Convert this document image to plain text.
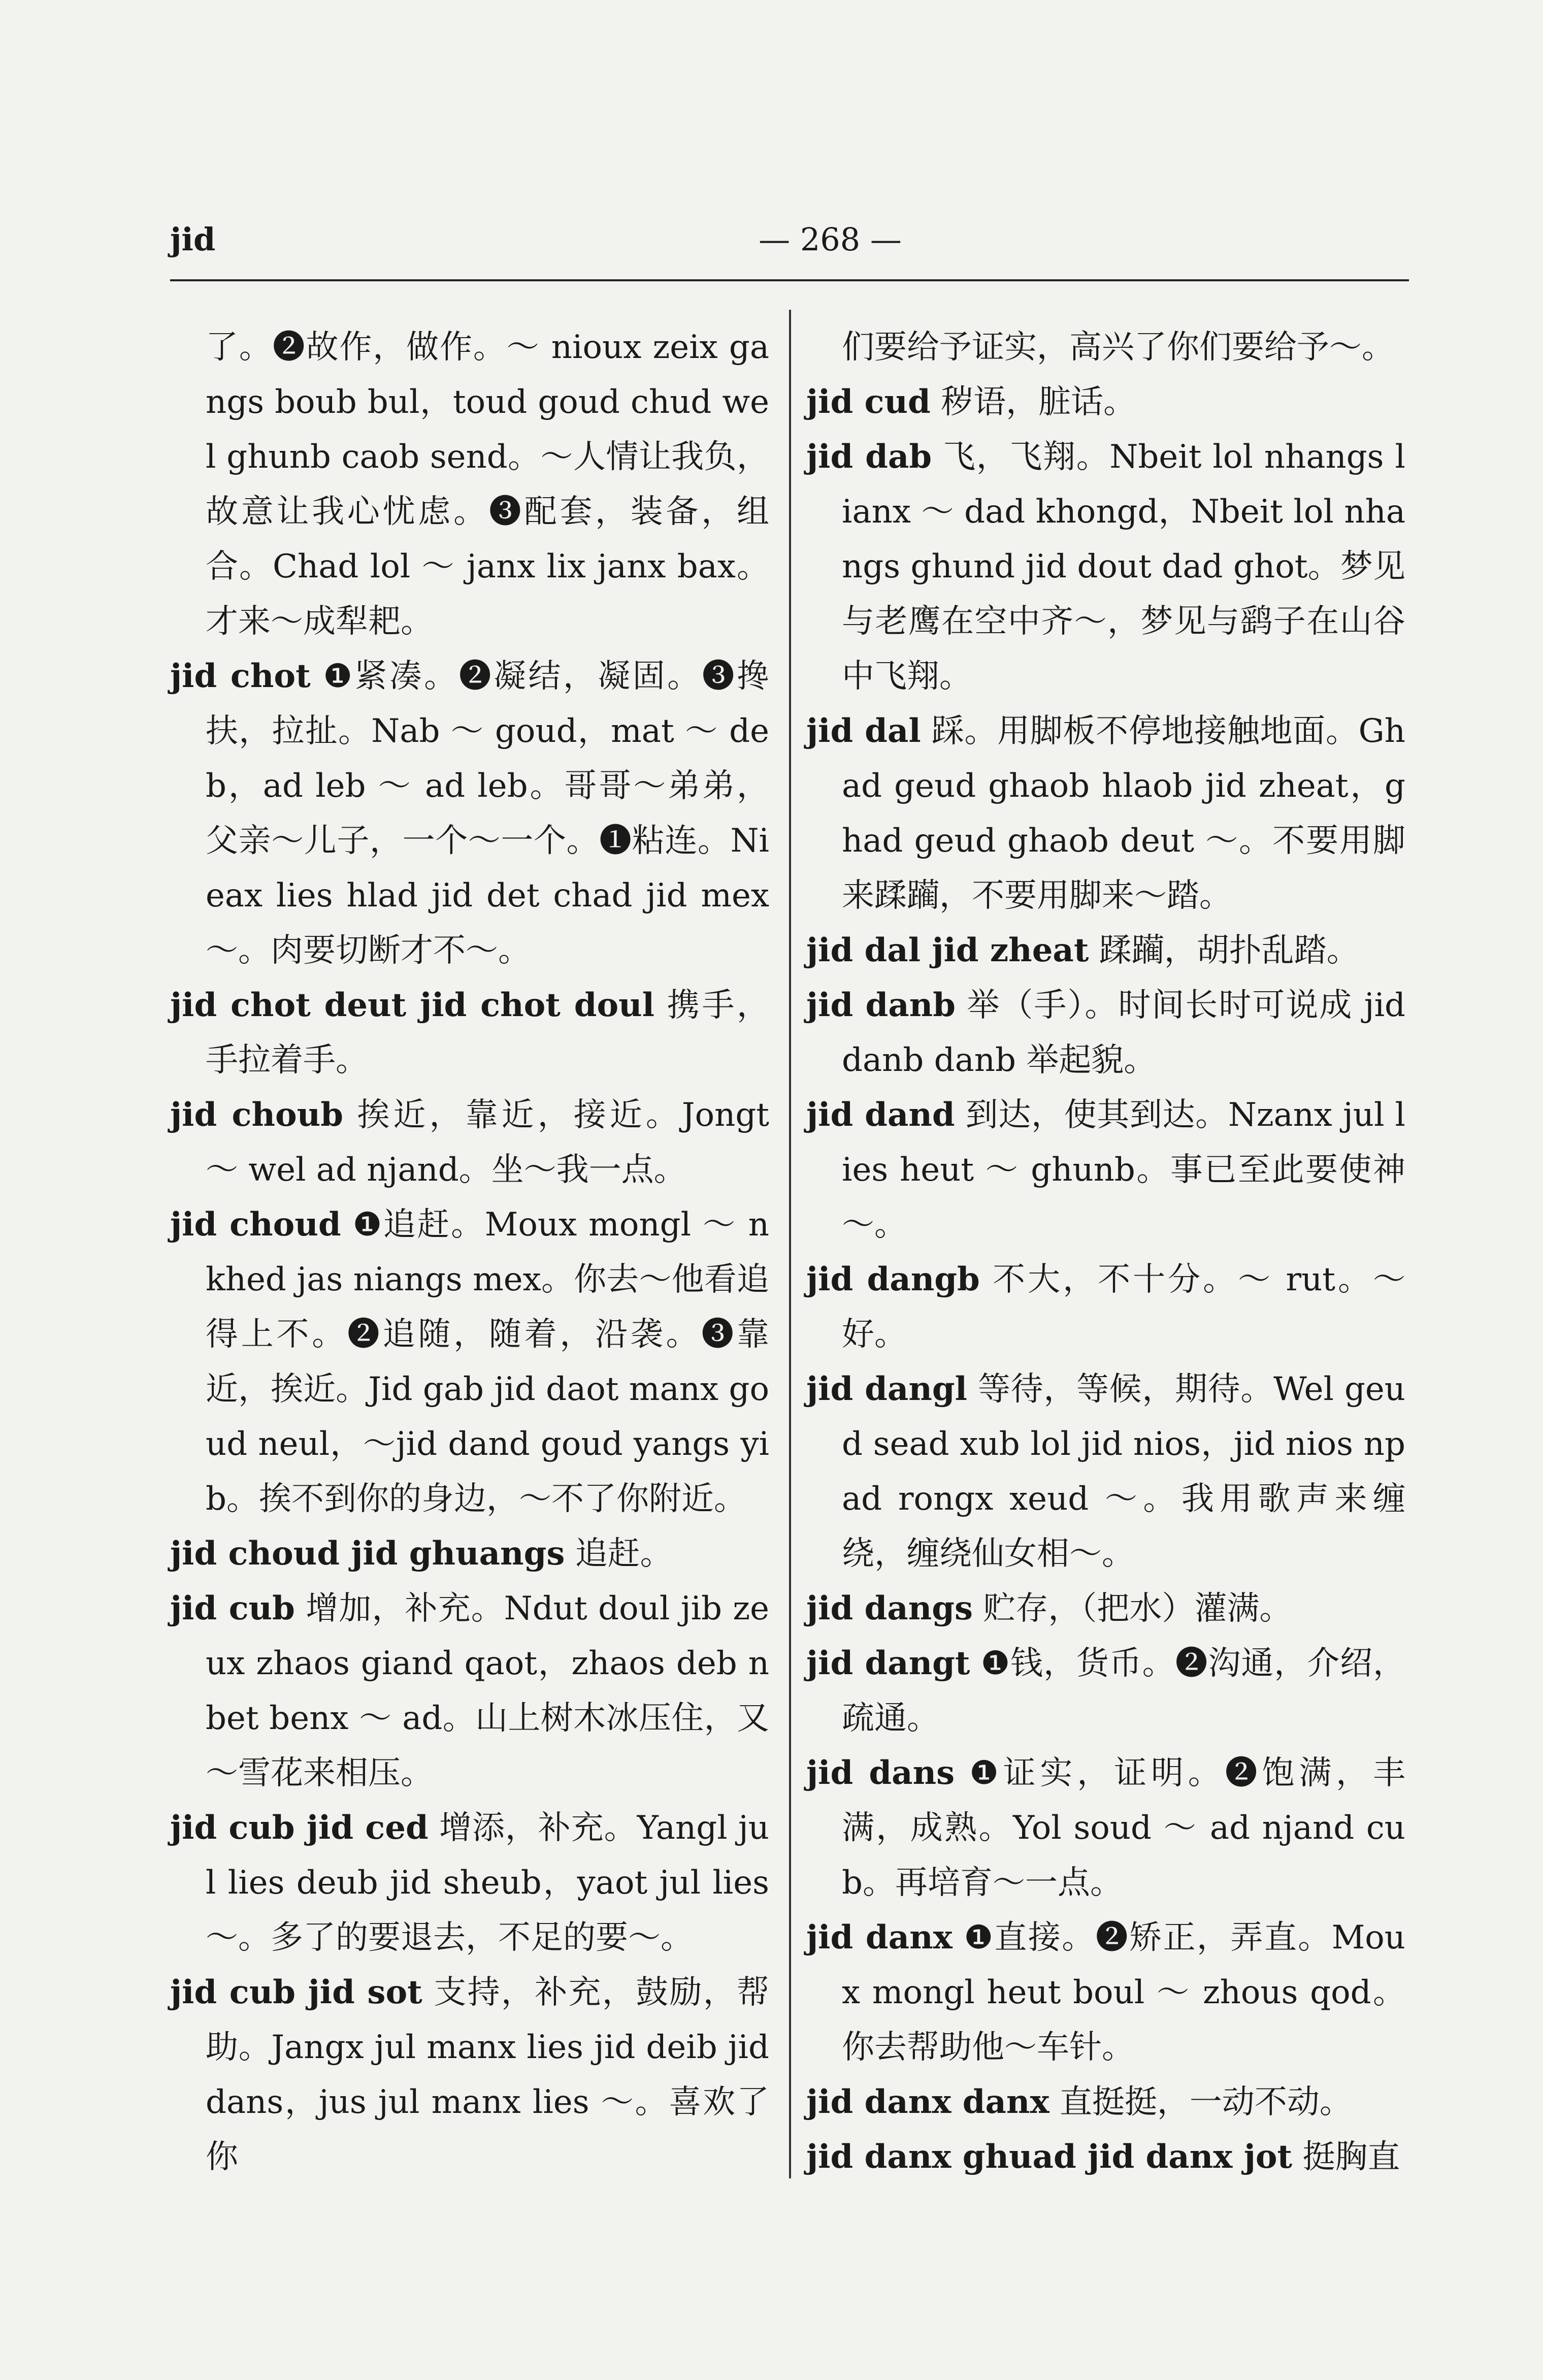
jid	— 268 —

了。❷故作，做作。～ nioux zeix gangs boub bul，toud goud chud wel ghunb caob send。～人情让我负，故意让我心忧虑。❸配套，装备，组合。Chad lol ～ janx lix janx bax。才来～成犁耙。

jid chot ❶紧凑。❷凝结，凝固。❸搀扶，拉扯。Nab ～ goud，mat ～ deb，ad leb ～ ad leb。哥哥～弟弟，父亲～儿子，一个～一个。❶粘连。Nieax lies hlad jid det chad jid mex ～。肉要切断才不～。

jid chot deut jid chot doul 携手，手拉着手。

jid choub 挨近，靠近，接近。Jongt ～ wel ad njand。坐～我一点。

jid choud ❶追赶。Moux mongl ～ nkhed jas niangs mex。你去～他看追得上不。❷追随，随着，沿袭。❸靠近，挨近。Jid gab jid daot manx goud neul，～jid dand goud yangs yib。挨不到你的身边，～不了你附近。

jid choud jid ghuangs 追赶。

jid cub 增加，补充。Ndut doul jib zeux zhaos giand qaot，zhaos deb nbet benx ～ ad。山上树木冰压住，又～雪花来相压。

jid cub jid ced 增添，补充。Yangl jul lies deub jid sheub，yaot jul lies ～。多了的要退去，不足的要～。

jid cub jid sot 支持，补充，鼓励，帮助。Jangx jul manx lies jid deib jid dans，jus jul manx lies ～。喜欢了你

们要给予证实，高兴了你们要给予～。

jid cud 秽语，脏话。

jid dab 飞，飞翔。Nbeit lol nhangs lianx ～ dad khongd，Nbeit lol nhangs ghund jid dout dad ghot。梦见与老鹰在空中齐～，梦见与鹞子在山谷中飞翔。

jid dal 踩。用脚板不停地接触地面。Ghad geud ghaob hlaob jid zheat，ghad geud ghaob deut ～。不要用脚来蹂躏，不要用脚来～踏。

jid dal jid zheat 蹂躏，胡扑乱踏。

jid danb 举（手）。时间长时可说成 jid danb danb 举起貌。

jid dand 到达，使其到达。Nzanx jul lies heut ～ ghunb。事已至此要使神～。

jid dangb 不大，不十分。～ rut。～好。

jid dangl 等待，等候，期待。Wel geud sead xub lol jid nios，jid nios npad rongx xeud ～。我用歌声来缠绕，缠绕仙女相～。

jid dangs 贮存，（把水）灌满。

jid dangt ❶钱，货币。❷沟通，介绍，疏通。

jid dans ❶证实，证明。❷饱满，丰满，成熟。Yol soud ～ ad njand cub。再培育～一点。

jid danx ❶直接。❷矫正，弄直。Moux mongl heut boul ～ zhous qod。你去帮助他～车针。

jid danx danx 直挺挺，一动不动。

jid danx ghuad jid danx jot 挺胸直
